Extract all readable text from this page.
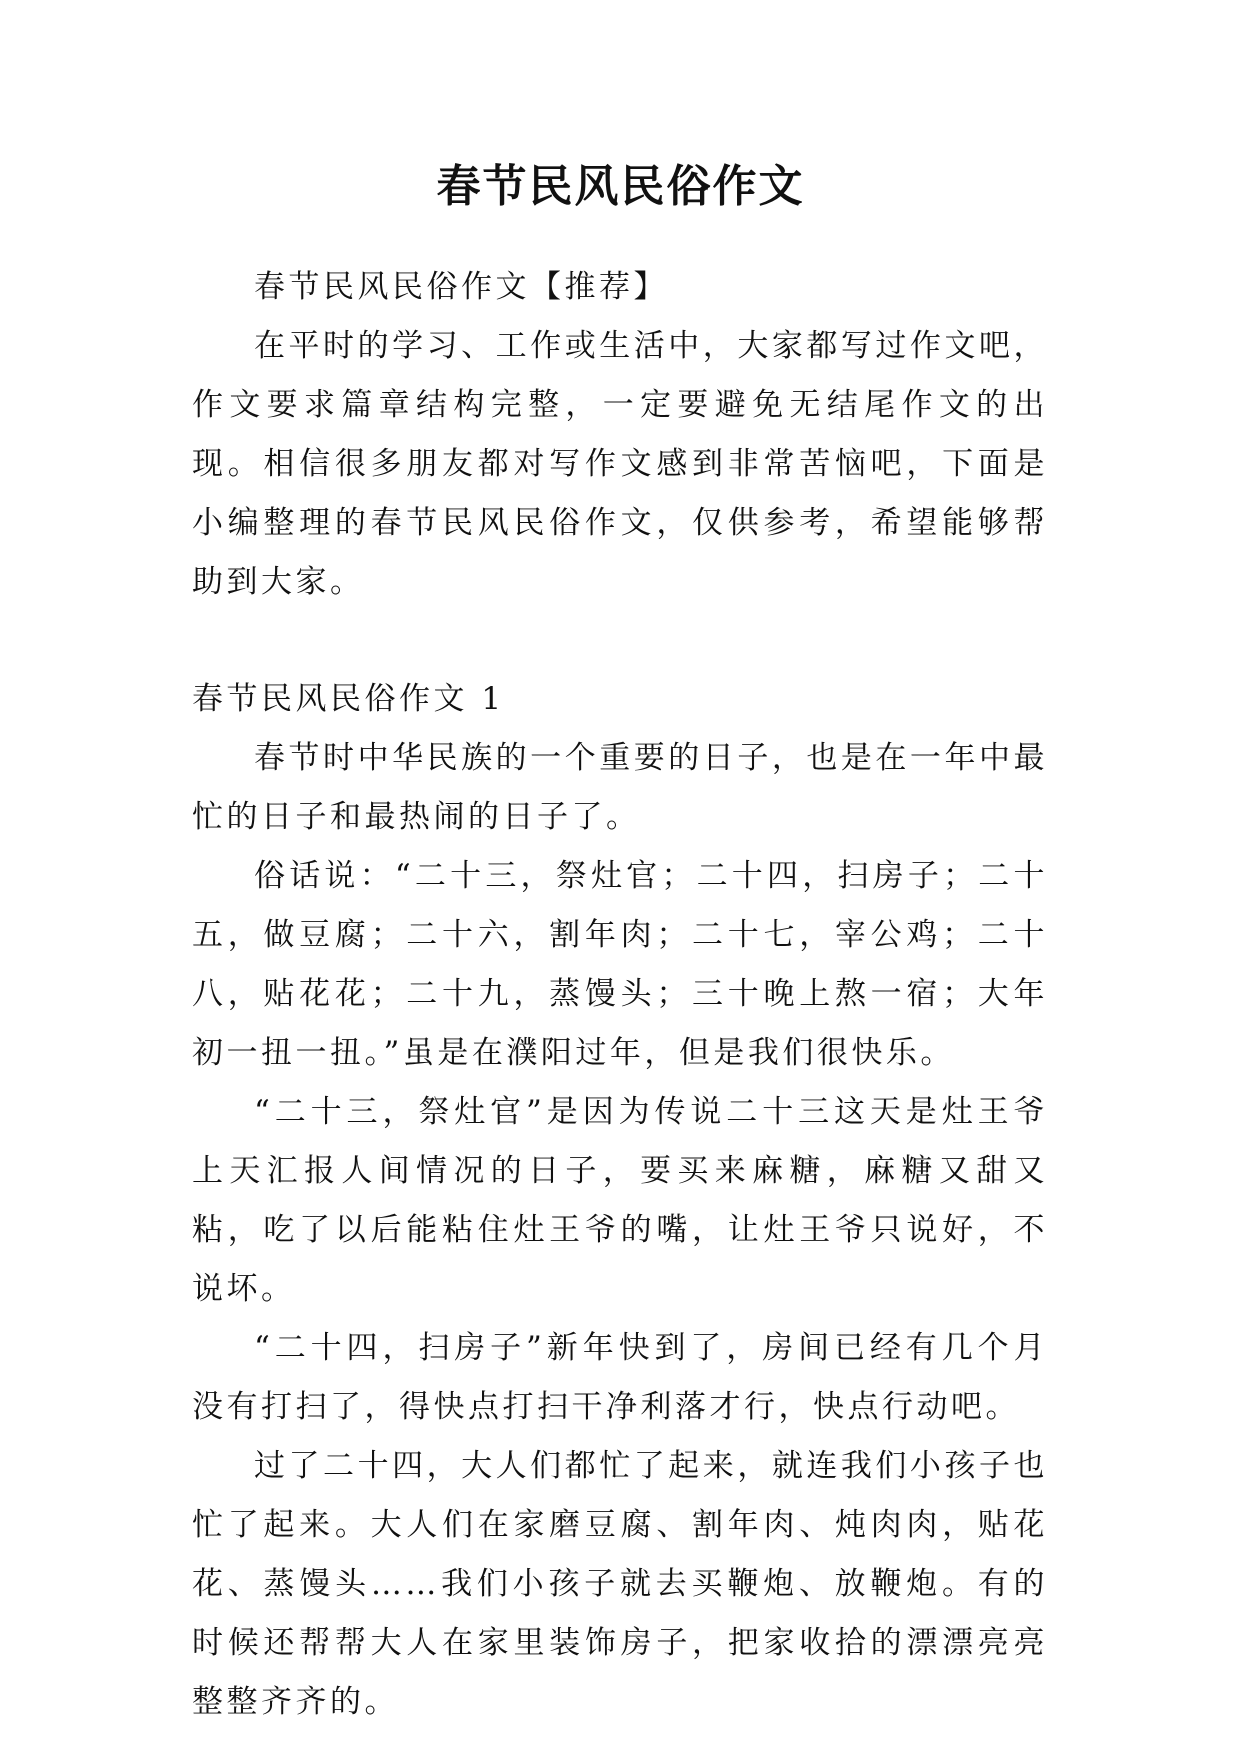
春节民风民俗作文

春节民风民俗作文【推荐】

在平时的学习、工作或生活中，大家都写过作文吧，作文要求篇章结构完整，一定要避免无结尾作文的出现。相信很多朋友都对写作文感到非常苦恼吧，下面是小编整理的春节民风民俗作文，仅供参考，希望能够帮助到大家。

春节民风民俗作文 1

春节时中华民族的一个重要的日子，也是在一年中最忙的日子和最热闹的日子了。

俗话说：“二十三，祭灶官；二十四，扫房子；二十五，做豆腐；二十六，割年肉；二十七，宰公鸡；二十八，贴花花；二十九，蒸馒头；三十晚上熬一宿；大年初一扭一扭。”虽是在濮阳过年，但是我们很快乐。

“二十三，祭灶官”是因为传说二十三这天是灶王爷上天汇报人间情况的日子，要买来麻糖，麻糖又甜又粘，吃了以后能粘住灶王爷的嘴，让灶王爷只说好，不说坏。

“二十四，扫房子”新年快到了，房间已经有几个月没有打扫了，得快点打扫干净利落才行，快点行动吧。

过了二十四，大人们都忙了起来，就连我们小孩子也忙了起来。大人们在家磨豆腐、割年肉、炖肉肉，贴花花、蒸馒头……我们小孩子就去买鞭炮、放鞭炮。有的时候还帮帮大人在家里装饰房子，把家收拾的漂漂亮亮整整齐齐的。
